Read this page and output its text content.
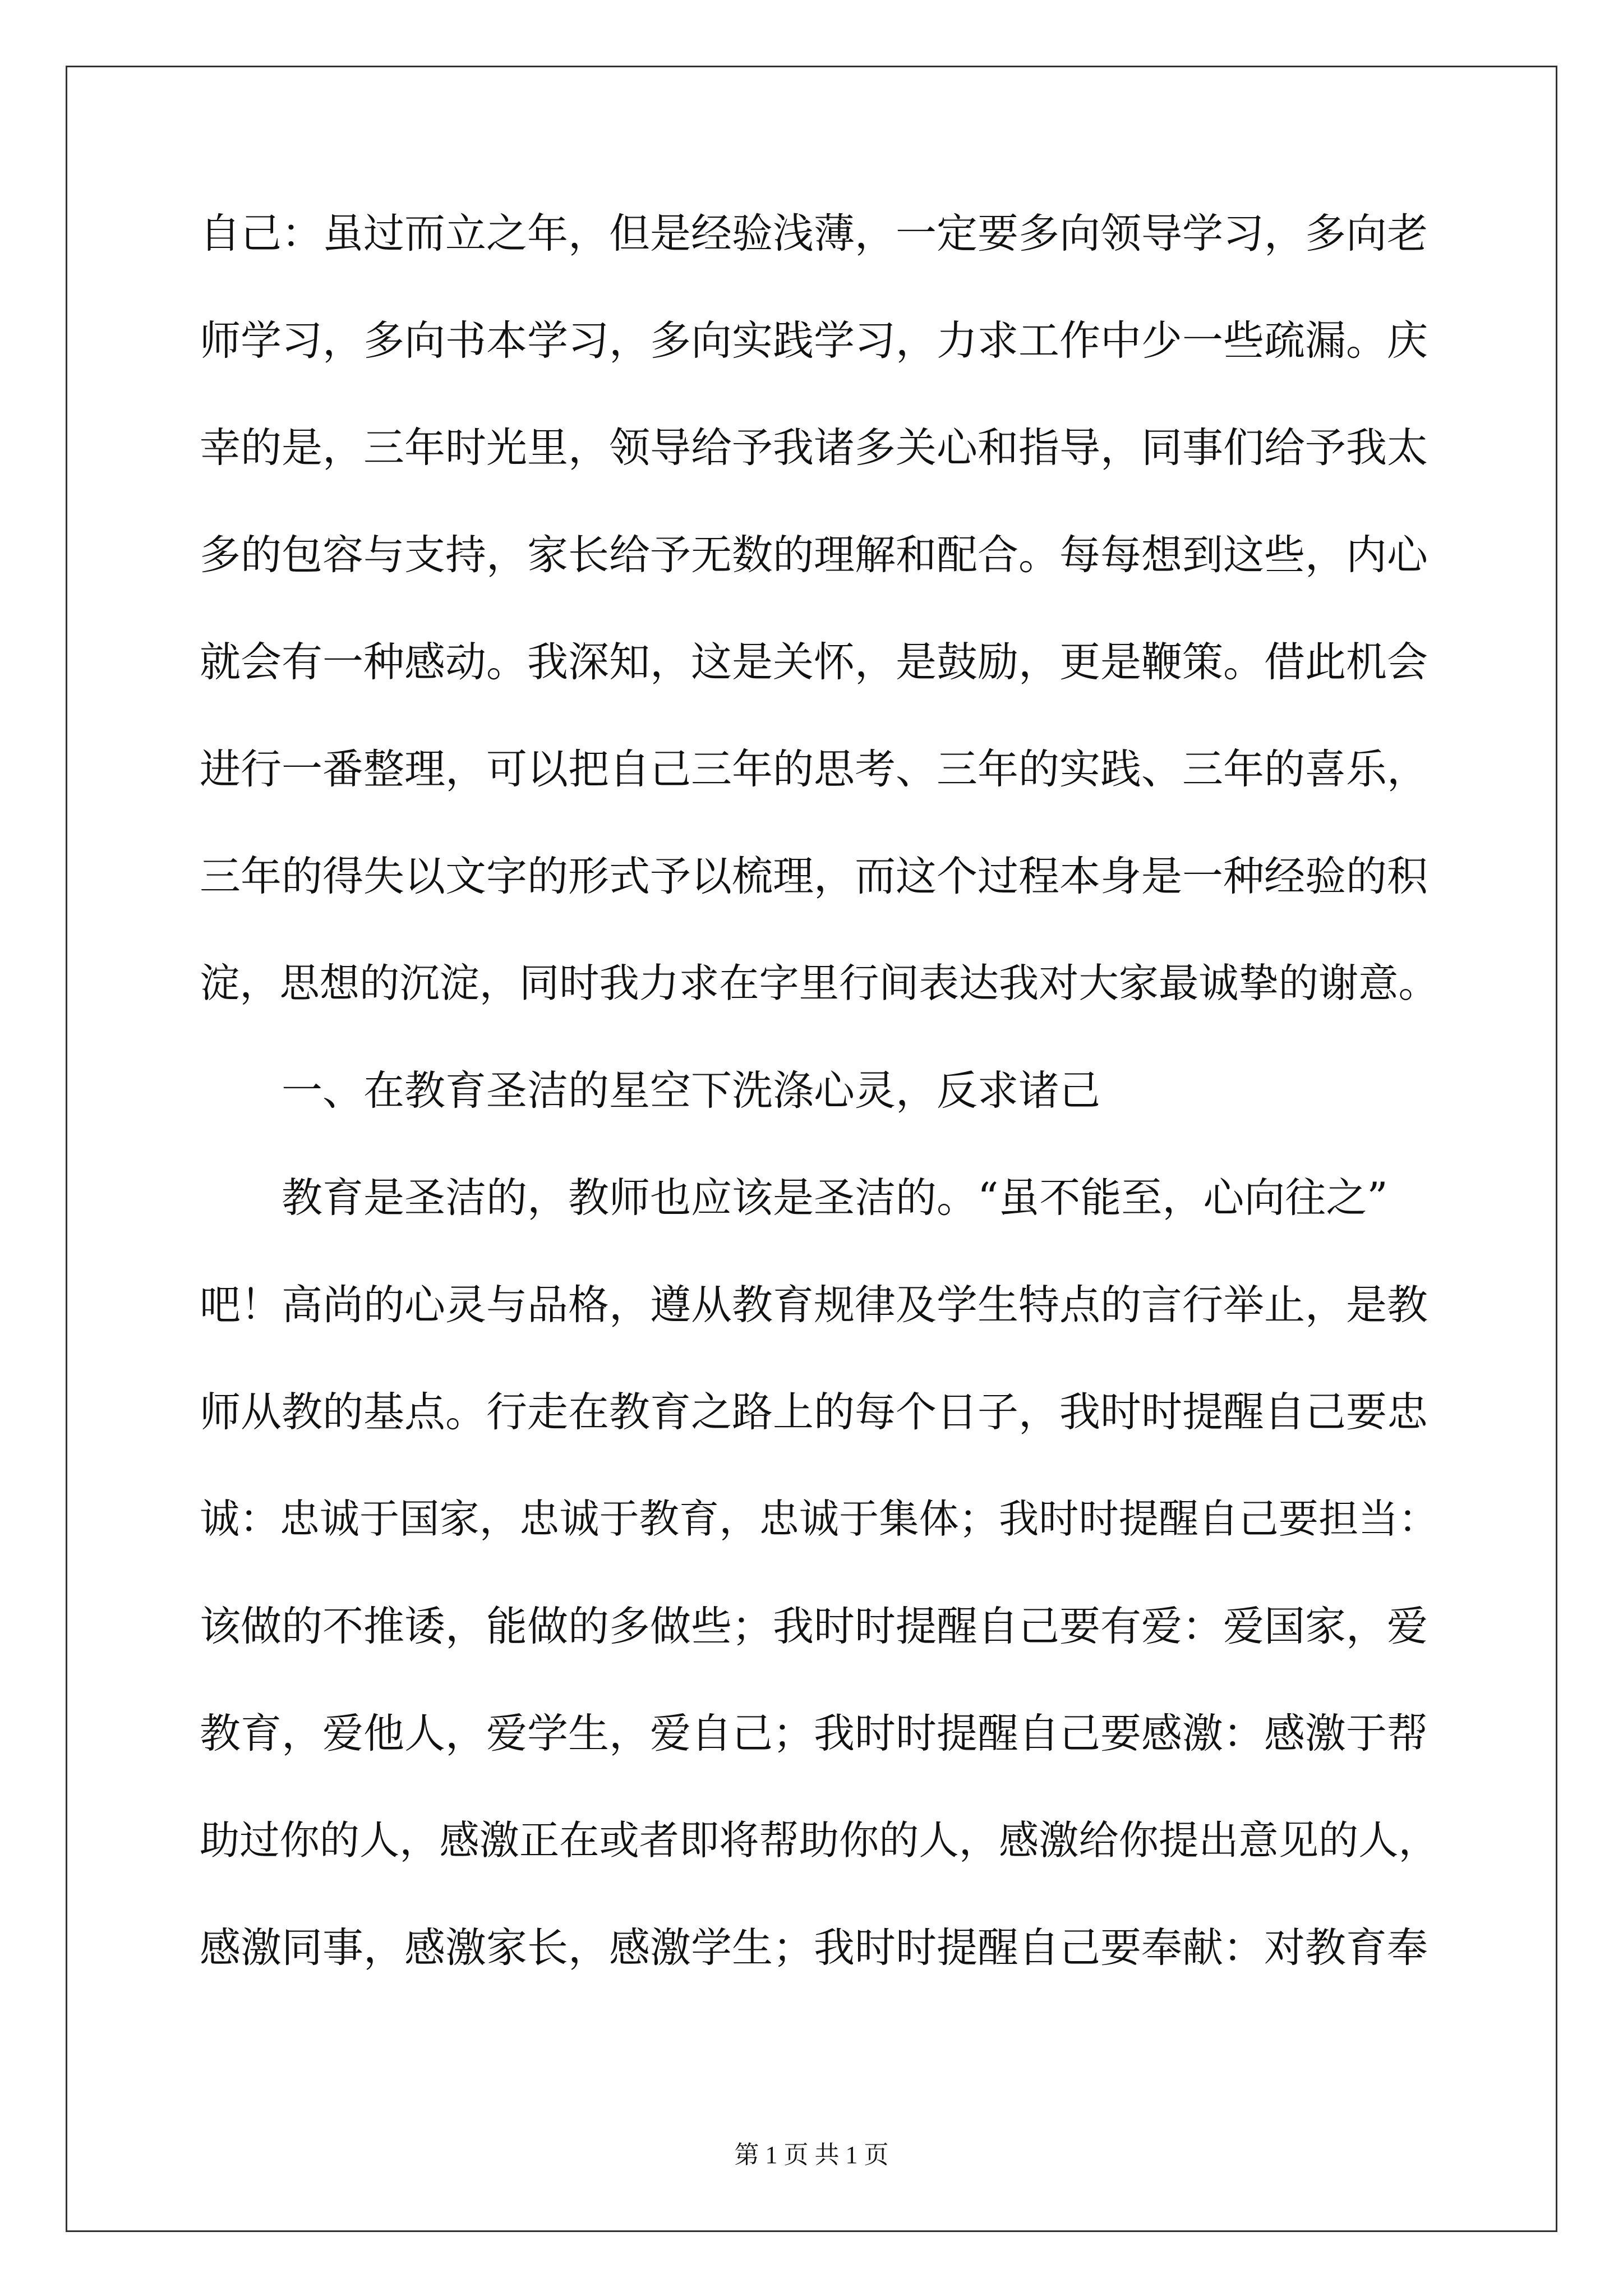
自己：虽过而立之年，但是经验浅薄，一定要多向领导学习，多向老
师学习，多向书本学习，多向实践学习，力求工作中少一些疏漏。庆
幸的是，三年时光里，领导给予我诸多关心和指导，同事们给予我太
多的包容与支持，家长给予无数的理解和配合。每每想到这些，内心
就会有一种感动。我深知，这是关怀，是鼓励，更是鞭策。借此机会
进行一番整理，可以把自己三年的思考、三年的实践、三年的喜乐，
三年的得失以文字的形式予以梳理，而这个过程本身是一种经验的积
淀，思想的沉淀，同时我力求在字里行间表达我对大家最诚挚的谢意。
一、在教育圣洁的星空下洗涤心灵，反求诸己
教育是圣洁的，教师也应该是圣洁的。“虽不能至，心向往之”
吧！高尚的心灵与品格，遵从教育规律及学生特点的言行举止，是教
师从教的基点。行走在教育之路上的每个日子，我时时提醒自己要忠
诚：忠诚于国家，忠诚于教育，忠诚于集体；我时时提醒自己要担当：
该做的不推诿，能做的多做些；我时时提醒自己要有爱：爱国家，爱
教育，爱他人，爱学生，爱自己；我时时提醒自己要感激：感激于帮
助过你的人，感激正在或者即将帮助你的人，感激给你提出意见的人，
感激同事，感激家长，感激学生；我时时提醒自己要奉献：对教育奉
第 1 页 共 1 页
